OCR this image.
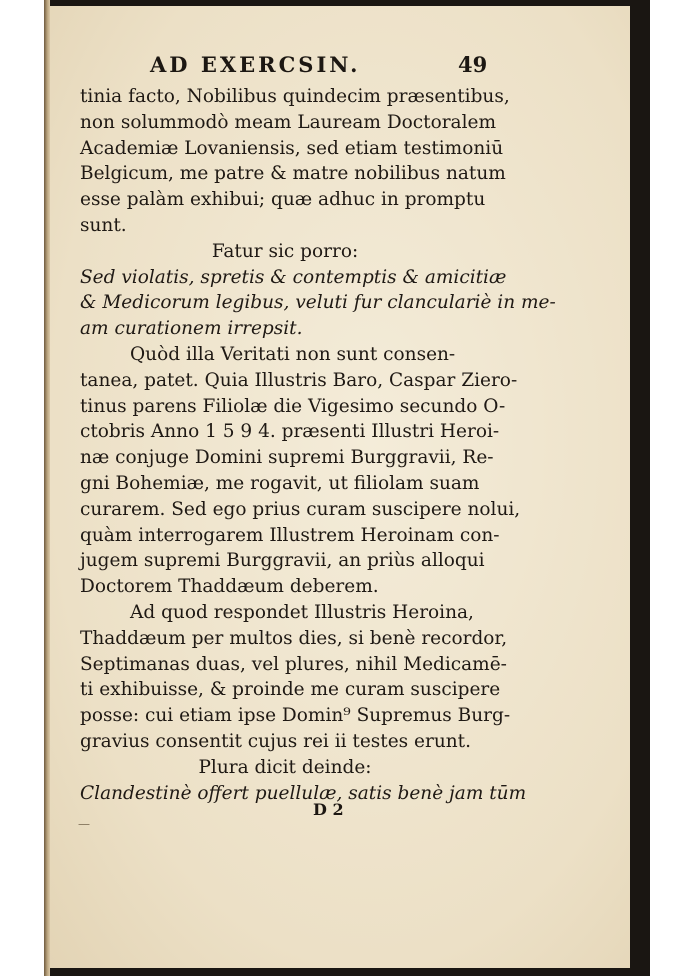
AD EXERCSIN.	49
tinia facto, Nobilibus quindecim præsentibus,
non solummodò meam Lauream Doctoralem
Academiæ Lovaniensis, sed etiam testimoniū
Belgicum, me patre & matre nobilibus natum
esse palàm exhibui; quæ adhuc in promptu
sunt.
Fatur sic porro:
Sed violatis, spretis & contemptis & amicitiæ
& Medicorum legibus, veluti fur clanculariè in me-
am curationem irrepsit.
Quòd illa Veritati non sunt consen-
tanea, patet. Quia Illustris Baro, Caspar Ziero-
tinus parens Filiolæ die Vigesimo secundo O-
ctobris Anno 1 5 9 4. præsenti Illustri Heroi-
næ conjuge Domini supremi Burggravii, Re-
gni Bohemiæ, me rogavit, ut filiolam suam
curarem. Sed ego prius curam suscipere nolui,
quàm interrogarem Illustrem Heroinam con-
jugem supremi Burggravii, an priùs alloqui
Doctorem Thaddæum deberem.
Ad quod respondet Illustris Heroina,
Thaddæum per multos dies, si benè recordor,
Septimanas duas, vel plures, nihil Medicamē-
ti exhibuisse, & proinde me curam suscipere
posse: cui etiam ipse Domin⁹ Supremus Burg-
gravius consentit cujus rei ii testes erunt.
Plura dicit deinde:
Clandestinè offert puellulæ, satis benè jam tūm
D 2
—
